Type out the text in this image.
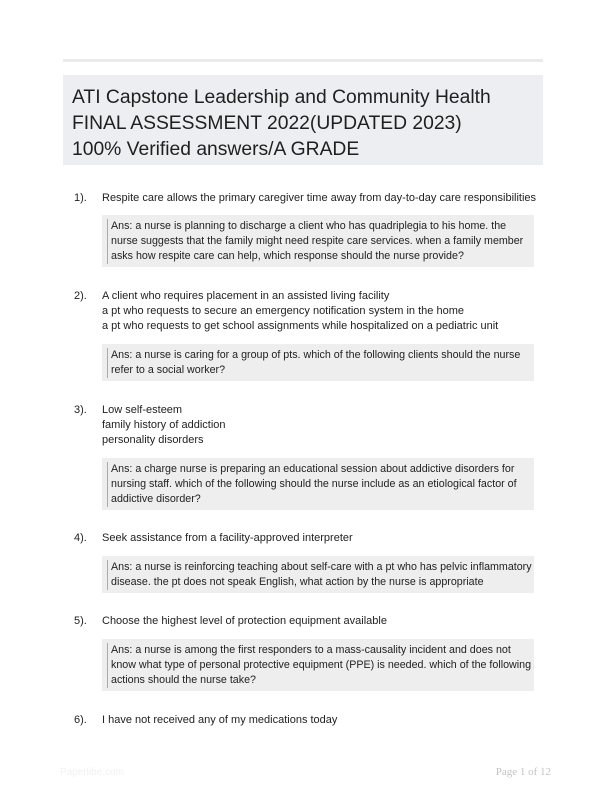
ATI Capstone Leadership and Community Health
FINAL ASSESSMENT 2022(UPDATED 2023)
100% Verified answers/A GRADE
1). Respite care allows the primary caregiver time away from day-to-day care responsibilities
Ans: a nurse is planning to discharge a client who has quadriplegia to his home. the
nurse suggests that the family might need respite care services. when a family member
asks how respite care can help, which response should the nurse provide?
2). A client who requires placement in an assisted living facility
a pt who requests to secure an emergency notification system in the home
a pt who requests to get school assignments while hospitalized on a pediatric unit
Ans: a nurse is caring for a group of pts. which of the following clients should the nurse
refer to a social worker?
3). Low self-esteem
family history of addiction
personality disorders
Ans: a charge nurse is preparing an educational session about addictive disorders for
nursing staff. which of the following should the nurse include as an etiological factor of
addictive disorder?
4). Seek assistance from a facility-approved interpreter
Ans: a nurse is reinforcing teaching about self-care with a pt who has pelvic inflammatory
disease. the pt does not speak English, what action by the nurse is appropriate
5). Choose the highest level of protection equipment available
Ans: a nurse is among the first responders to a mass-causality incident and does not
know what type of personal protective equipment (PPE) is needed. which of the following
actions should the nurse take?
6). I have not received any of my medications today
Paperlibe.com	Page 1 of 12
